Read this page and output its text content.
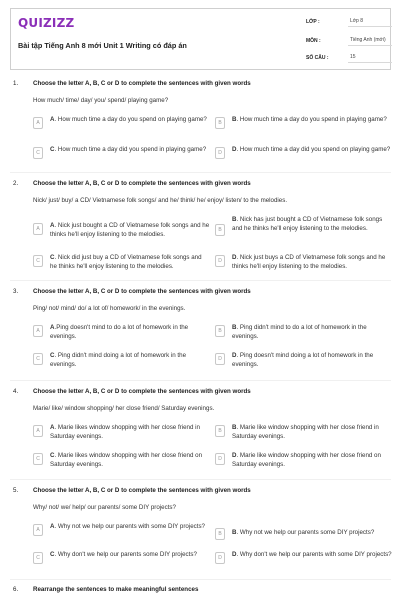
QUIZIZZ
Bài tập Tiếng Anh 8 mới Unit 1 Writing có đáp án
LỚP :	Lớp 8
MÔN :	Tiếng Anh (mới)
SỐ CÂU :	15
1. Choose the letter A, B, C or D to complete the sentences with given words
How much/ time/ day/ you/ spend/ playing game?
A	A. How much time a day do you spend on playing game?	B	B. How much time a day do you spend in playing game?
C	C. How much time a day did you spend in playing game?	D	D. How much time a day did you spend on playing game?
2. Choose the letter A, B, C or D to complete the sentences with given words
Nick/ just/ buy/ a CD/ Vietnamese folk songs/ and he/ think/ he/ enjoy/ listen/ to the melodies.
A	A. Nick just bought a CD of Vietnamese folk songs and he thinks he'll enjoy listening to the melodies.
B
B. Nick has just bought a CD of Vietnamese folk songs and he thinks he'll enjoy listening to the melodies.
C	C. Nick did just buy a CD of Vietnamese folk songs and he thinks he'll enjoy listening to the melodies.
D	D. Nick just buys a CD of Vietnamese folk songs and he thinks he'll enjoy listening to the melodies.
3. Choose the letter A, B, C or D to complete the sentences with given words
Ping/ not/ mind/ do/ a lot of/ homework/ in the evenings.
A	A.Ping doesn't mind to do a lot of homework in the evenings.
B	B. Ping didn't mind to do a lot of homework in the evenings.
C	C. Ping didn't mind doing a lot of homework in the evenings.
D	D. Ping doesn't mind doing a lot of homework in the evenings.
4. Choose the letter A, B, C or D to complete the sentences with given words
Marie/ like/ window shopping/ her close friend/ Saturday evenings.
A	A. Marie likes window shopping with her close friend in Saturday evenings.
B	B. Marie like window shopping with her close friend in Saturday evenings.
C	C. Marie likes window shopping with her close friend on Saturday evenings.
D	D. Marie like window shopping with her close friend on Saturday evenings.
5. Choose the letter A, B, C or D to complete the sentences with given words
Why/ not/ we/ help/ our parents/ some DIY projects?
A	A. Why not we help our parents with some DIY projects?
B	B. Why not we help our parents some DIY projects?
C	C. Why don't we help our parents some DIY projects?	D	D. Why don't we help our parents with some DIY projects?
6. Rearrange the sentences to make meaningful sentences
